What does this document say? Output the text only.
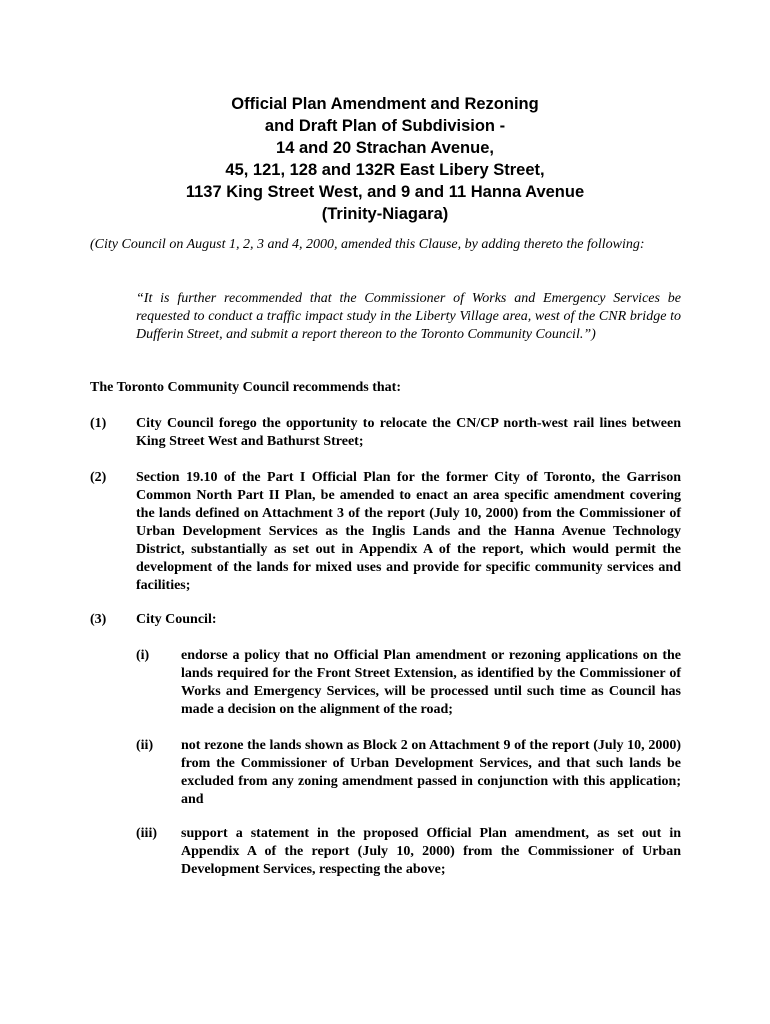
Official Plan Amendment and Rezoning
and Draft Plan of Subdivision -
14 and 20 Strachan Avenue,
45, 121, 128 and 132R East Libery Street,
1137 King Street West, and 9 and 11 Hanna Avenue
(Trinity-Niagara)
(City Council on August 1, 2, 3 and 4, 2000, amended this Clause, by adding thereto the following:
“It is further recommended that the Commissioner of Works and Emergency Services be requested to conduct a traffic impact study in the Liberty Village area, west of the CNR bridge to Dufferin Street, and submit a report thereon to the Toronto Community Council.”)
The Toronto Community Council recommends that:
(1) City Council forego the opportunity to relocate the CN/CP north-west rail lines between King Street West and Bathurst Street;
(2) Section 19.10 of the Part I Official Plan for the former City of Toronto, the Garrison Common North Part II Plan, be amended to enact an area specific amendment covering the lands defined on Attachment 3 of the report (July 10, 2000) from the Commissioner of Urban Development Services as the Inglis Lands and the Hanna Avenue Technology District, substantially as set out in Appendix A of the report, which would permit the development of the lands for mixed uses and provide for specific community services and facilities;
(3) City Council:
(i) endorse a policy that no Official Plan amendment or rezoning applications on the lands required for the Front Street Extension, as identified by the Commissioner of Works and Emergency Services, will be processed until such time as Council has made a decision on the alignment of the road;
(ii) not rezone the lands shown as Block 2 on Attachment 9 of the report (July 10, 2000) from the Commissioner of Urban Development Services, and that such lands be excluded from any zoning amendment passed in conjunction with this application; and
(iii) support a statement in the proposed Official Plan amendment, as set out in Appendix A of the report (July 10, 2000) from the Commissioner of Urban Development Services, respecting the above;
